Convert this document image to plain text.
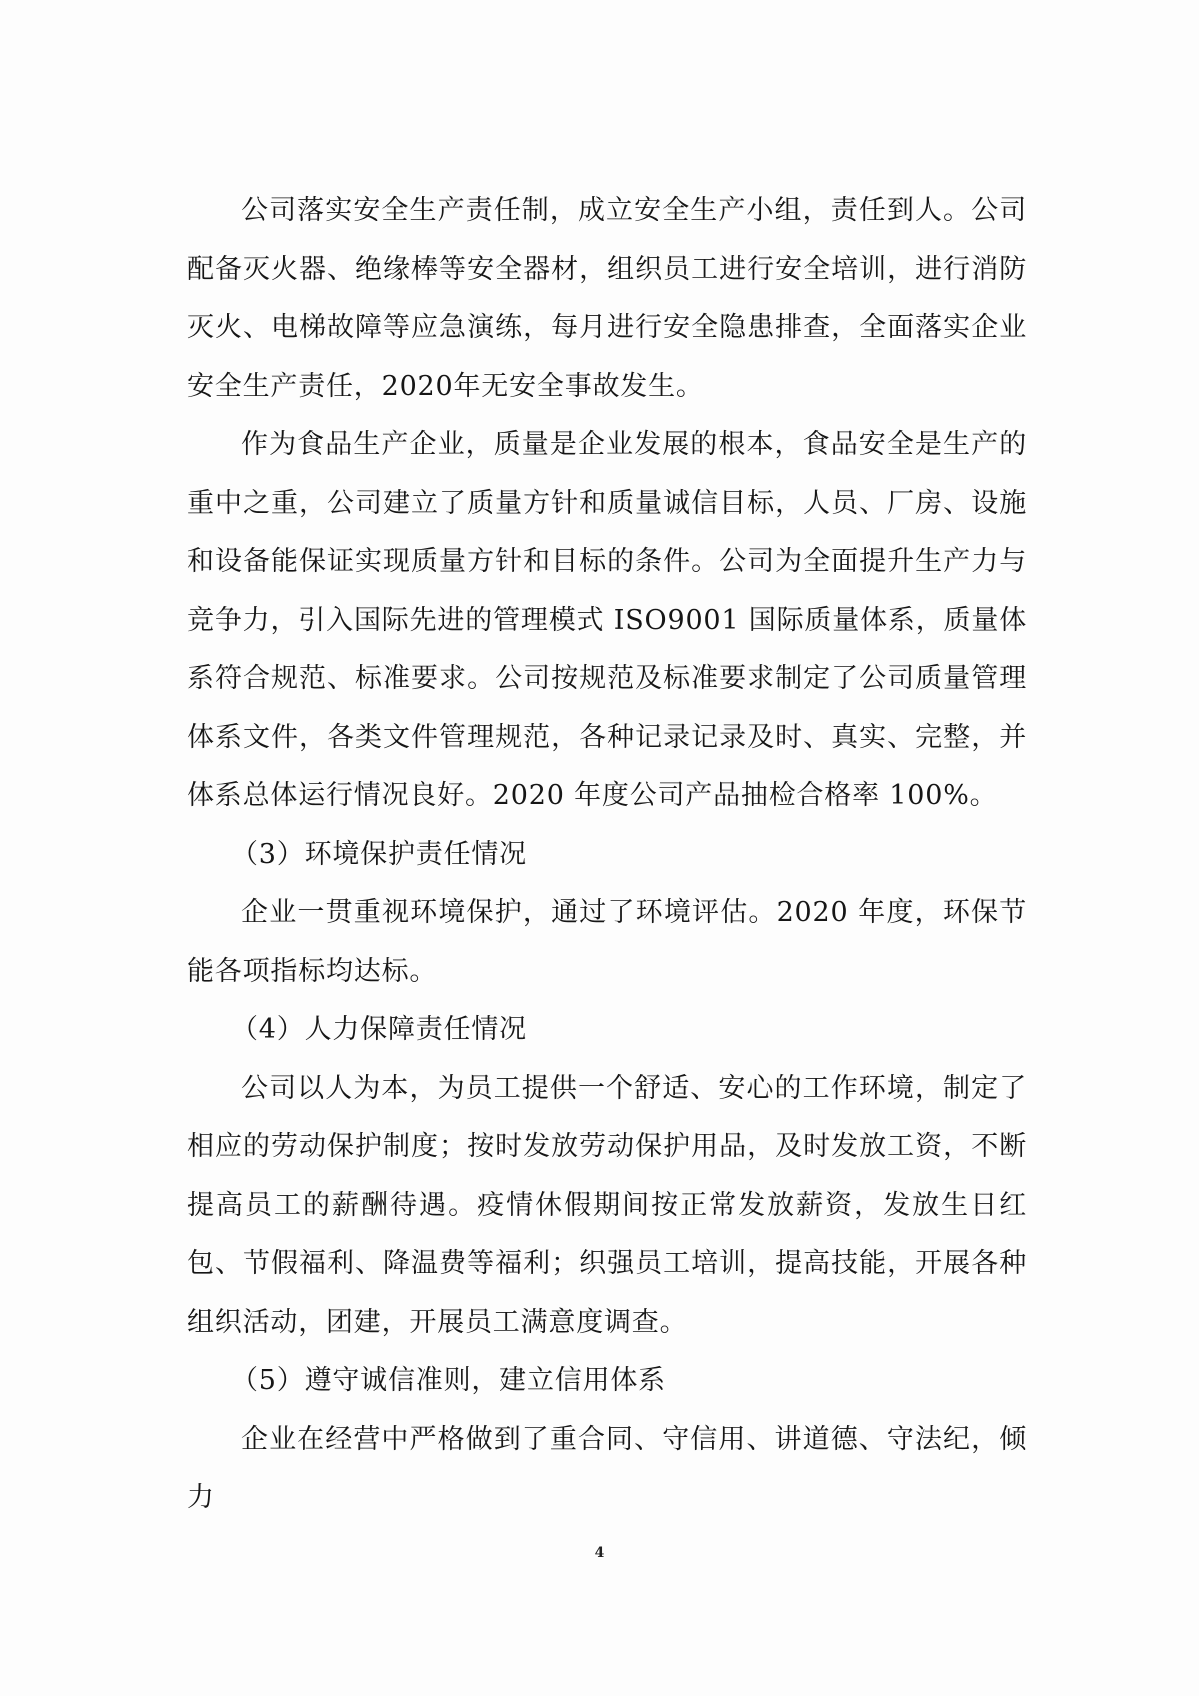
公司落实安全生产责任制，成立安全生产小组，责任到人。公司配备灭火器、绝缘棒等安全器材，组织员工进行安全培训，进行消防灭火、电梯故障等应急演练，每月进行安全隐患排查，全面落实企业安全生产责任，2020年无安全事故发生。

作为食品生产企业，质量是企业发展的根本，食品安全是生产的重中之重，公司建立了质量方针和质量诚信目标，人员、厂房、设施和设备能保证实现质量方针和目标的条件。公司为全面提升生产力与竞争力，引入国际先进的管理模式 ISO9001 国际质量体系，质量体系符合规范、标准要求。公司按规范及标准要求制定了公司质量管理体系文件，各类文件管理规范，各种记录记录及时、真实、完整，并体系总体运行情况良好。2020 年度公司产品抽检合格率 100%。

（3）环境保护责任情况

企业一贯重视环境保护，通过了环境评估。2020 年度，环保节能各项指标均达标。

（4）人力保障责任情况

公司以人为本，为员工提供一个舒适、安心的工作环境，制定了相应的劳动保护制度；按时发放劳动保护用品，及时发放工资，不断提高员工的薪酬待遇。疫情休假期间按正常发放薪资，发放生日红包、节假福利、降温费等福利；织强员工培训，提高技能，开展各种组织活动，团建，开展员工满意度调查。

（5）遵守诚信准则，建立信用体系

企业在经营中严格做到了重合同、守信用、讲道德、守法纪，倾力

4
